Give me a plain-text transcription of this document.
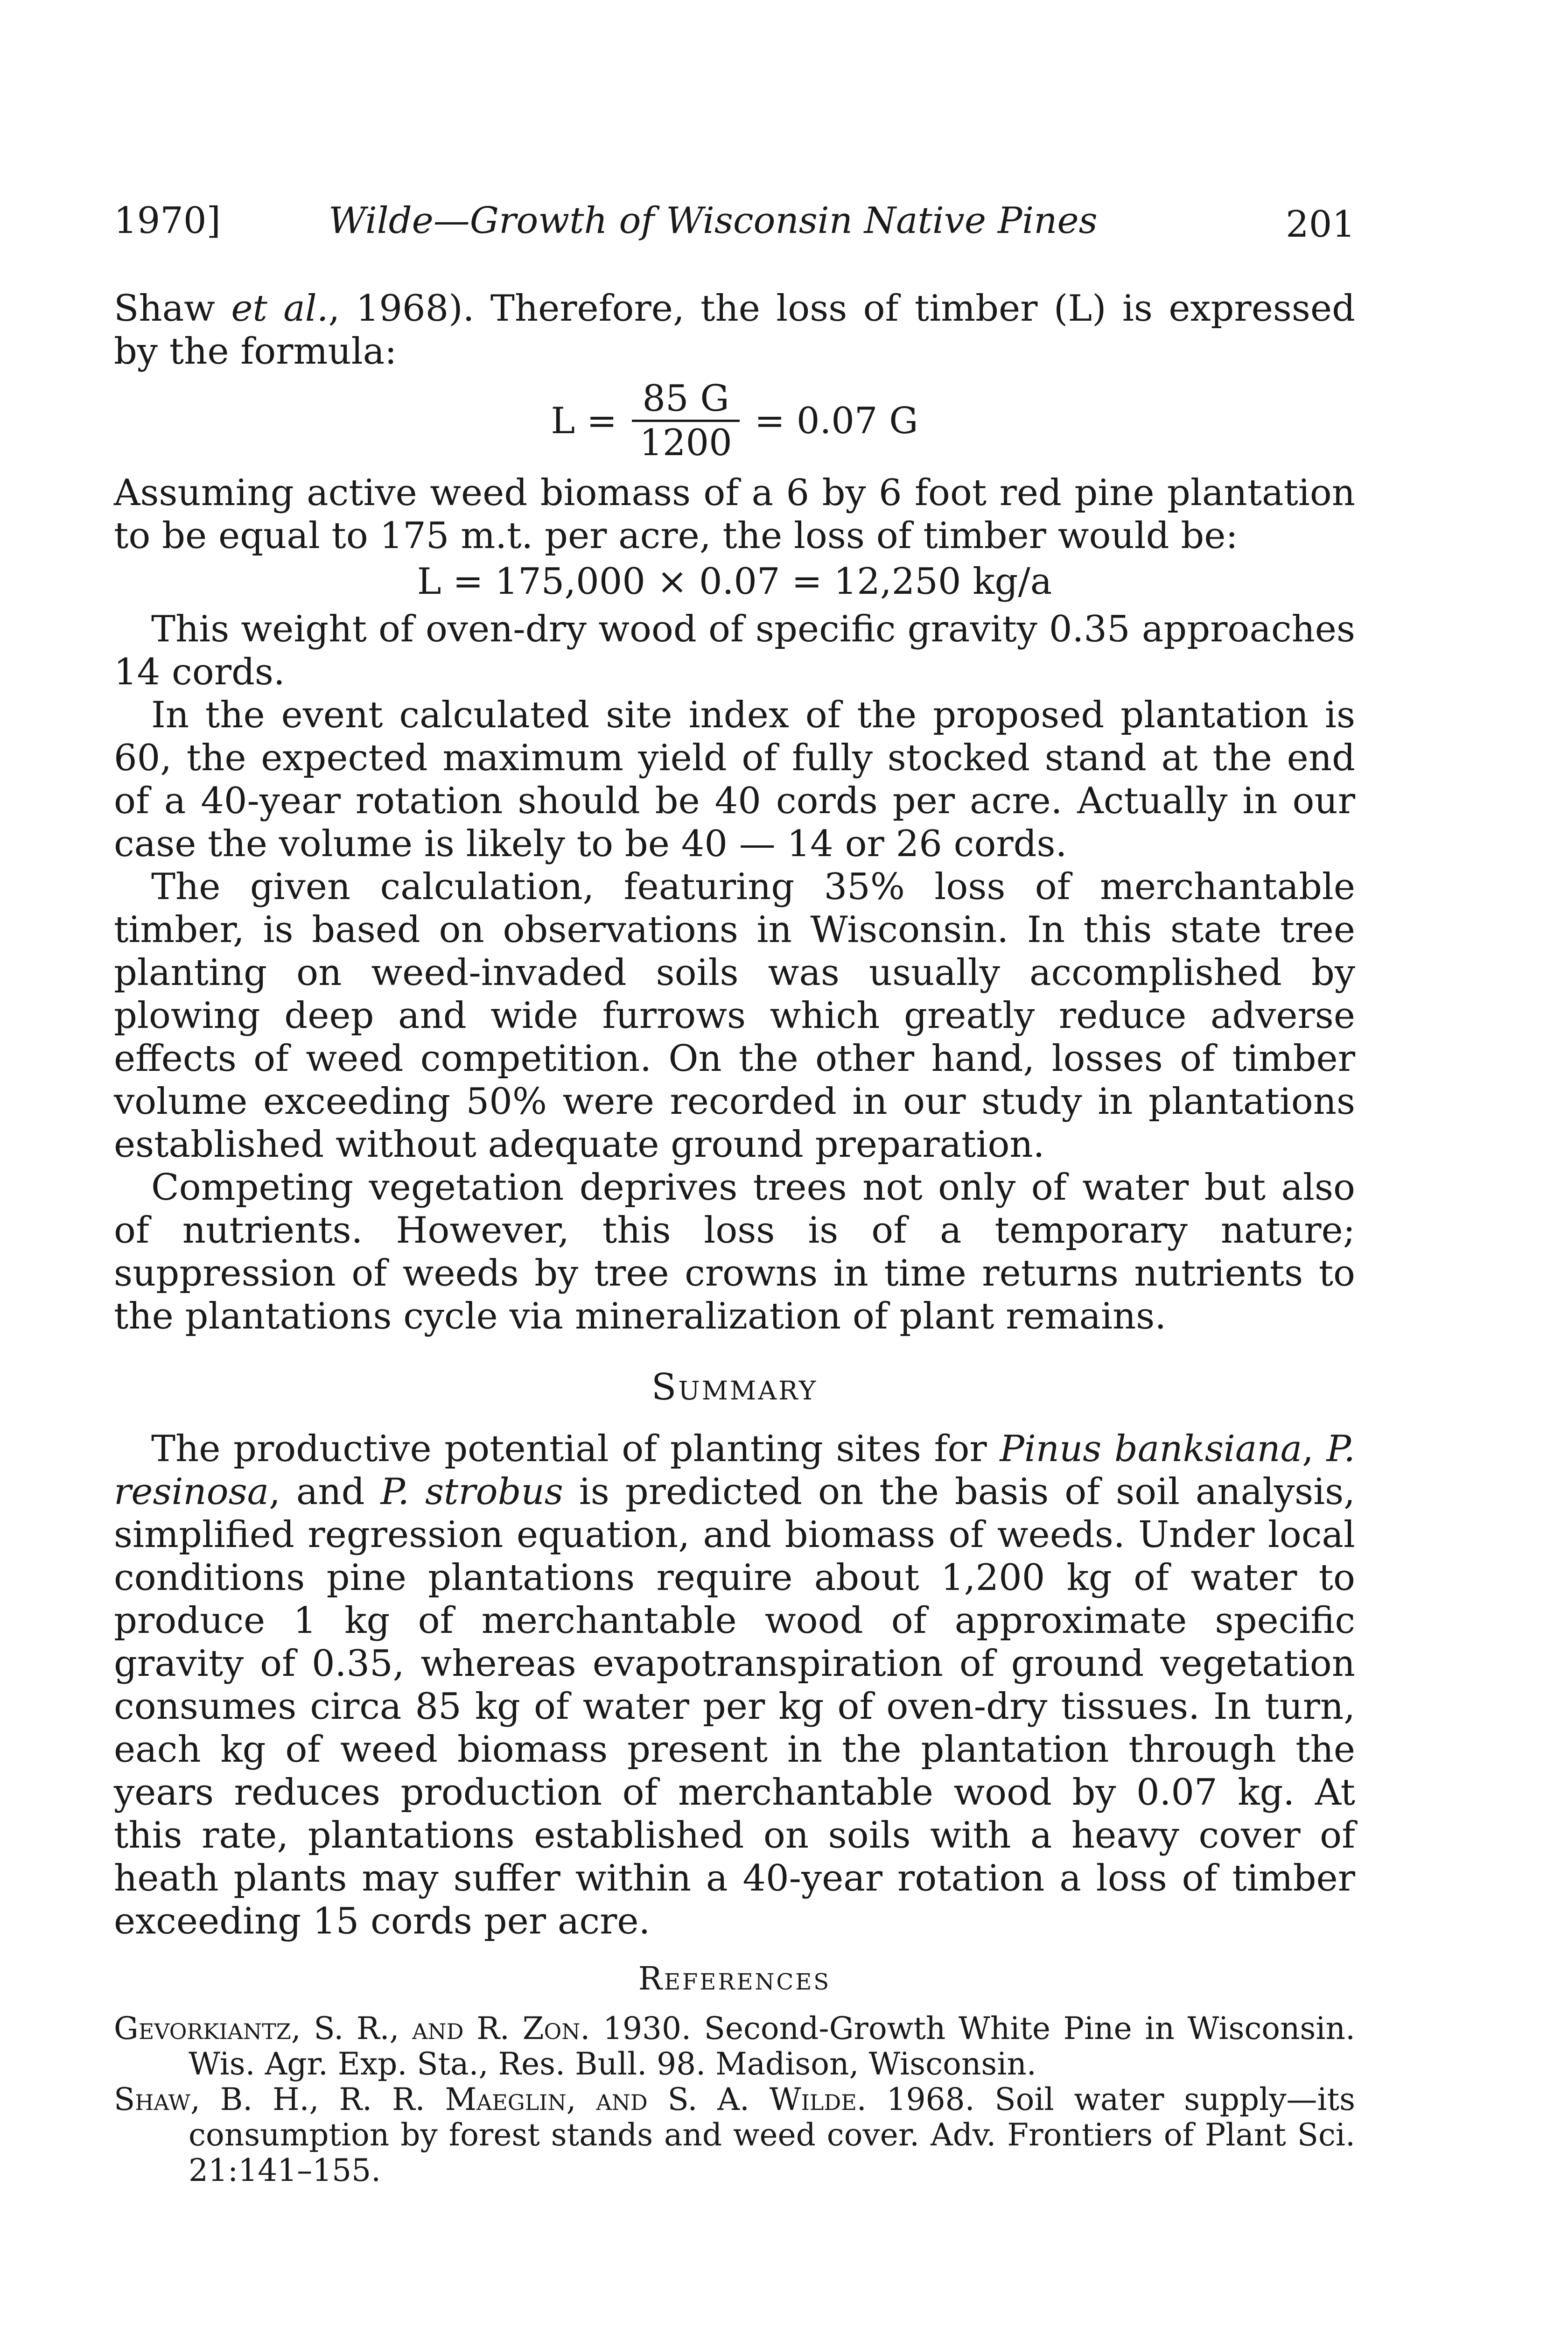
1970]	Wilde—Growth of Wisconsin Native Pines	201

Shaw et al., 1968). Therefore, the loss of timber (L) is expressed by the formula:

$L = \frac{85 G}{1200} = 0.07$ G

Assuming active weed biomass of a 6 by 6 foot red pine plantation to be equal to 175 m.t. per acre, the loss of timber would be:

L = 175,000 × 0.07 = 12,250 kg/a

This weight of oven-dry wood of specific gravity 0.35 approaches 14 cords.

In the event calculated site index of the proposed plantation is 60, the expected maximum yield of fully stocked stand at the end of a 40-year rotation should be 40 cords per acre. Actually in our case the volume is likely to be 40 — 14 or 26 cords.

The given calculation, featuring 35% loss of merchantable timber, is based on observations in Wisconsin. In this state tree planting on weed-invaded soils was usually accomplished by plowing deep and wide furrows which greatly reduce adverse effects of weed competition. On the other hand, losses of timber volume exceeding 50% were recorded in our study in plantations established without adequate ground preparation.

Competing vegetation deprives trees not only of water but also of nutrients. However, this loss is of a temporary nature; suppression of weeds by tree crowns in time returns nutrients to the plantations cycle via mineralization of plant remains.

Summary

The productive potential of planting sites for Pinus banksiana, P. resinosa, and P. strobus is predicted on the basis of soil analysis, simplified regression equation, and biomass of weeds. Under local conditions pine plantations require about 1,200 kg of water to produce 1 kg of merchantable wood of approximate specific gravity of 0.35, whereas evapotranspiration of ground vegetation consumes circa 85 kg of water per kg of oven-dry tissues. In turn, each kg of weed biomass present in the plantation through the years reduces production of merchantable wood by 0.07 kg. At this rate, plantations established on soils with a heavy cover of heath plants may suffer within a 40-year rotation a loss of timber exceeding 15 cords per acre.

References

Gevorkiantz, S. R., and R. Zon. 1930. Second-Growth White Pine in Wisconsin. Wis. Agr. Exp. Sta., Res. Bull. 98. Madison, Wisconsin.

Shaw, B. H., R. R. Maeglin, and S. A. Wilde. 1968. Soil water supply—its consumption by forest stands and weed cover. Adv. Frontiers of Plant Sci. 21:141–155.
